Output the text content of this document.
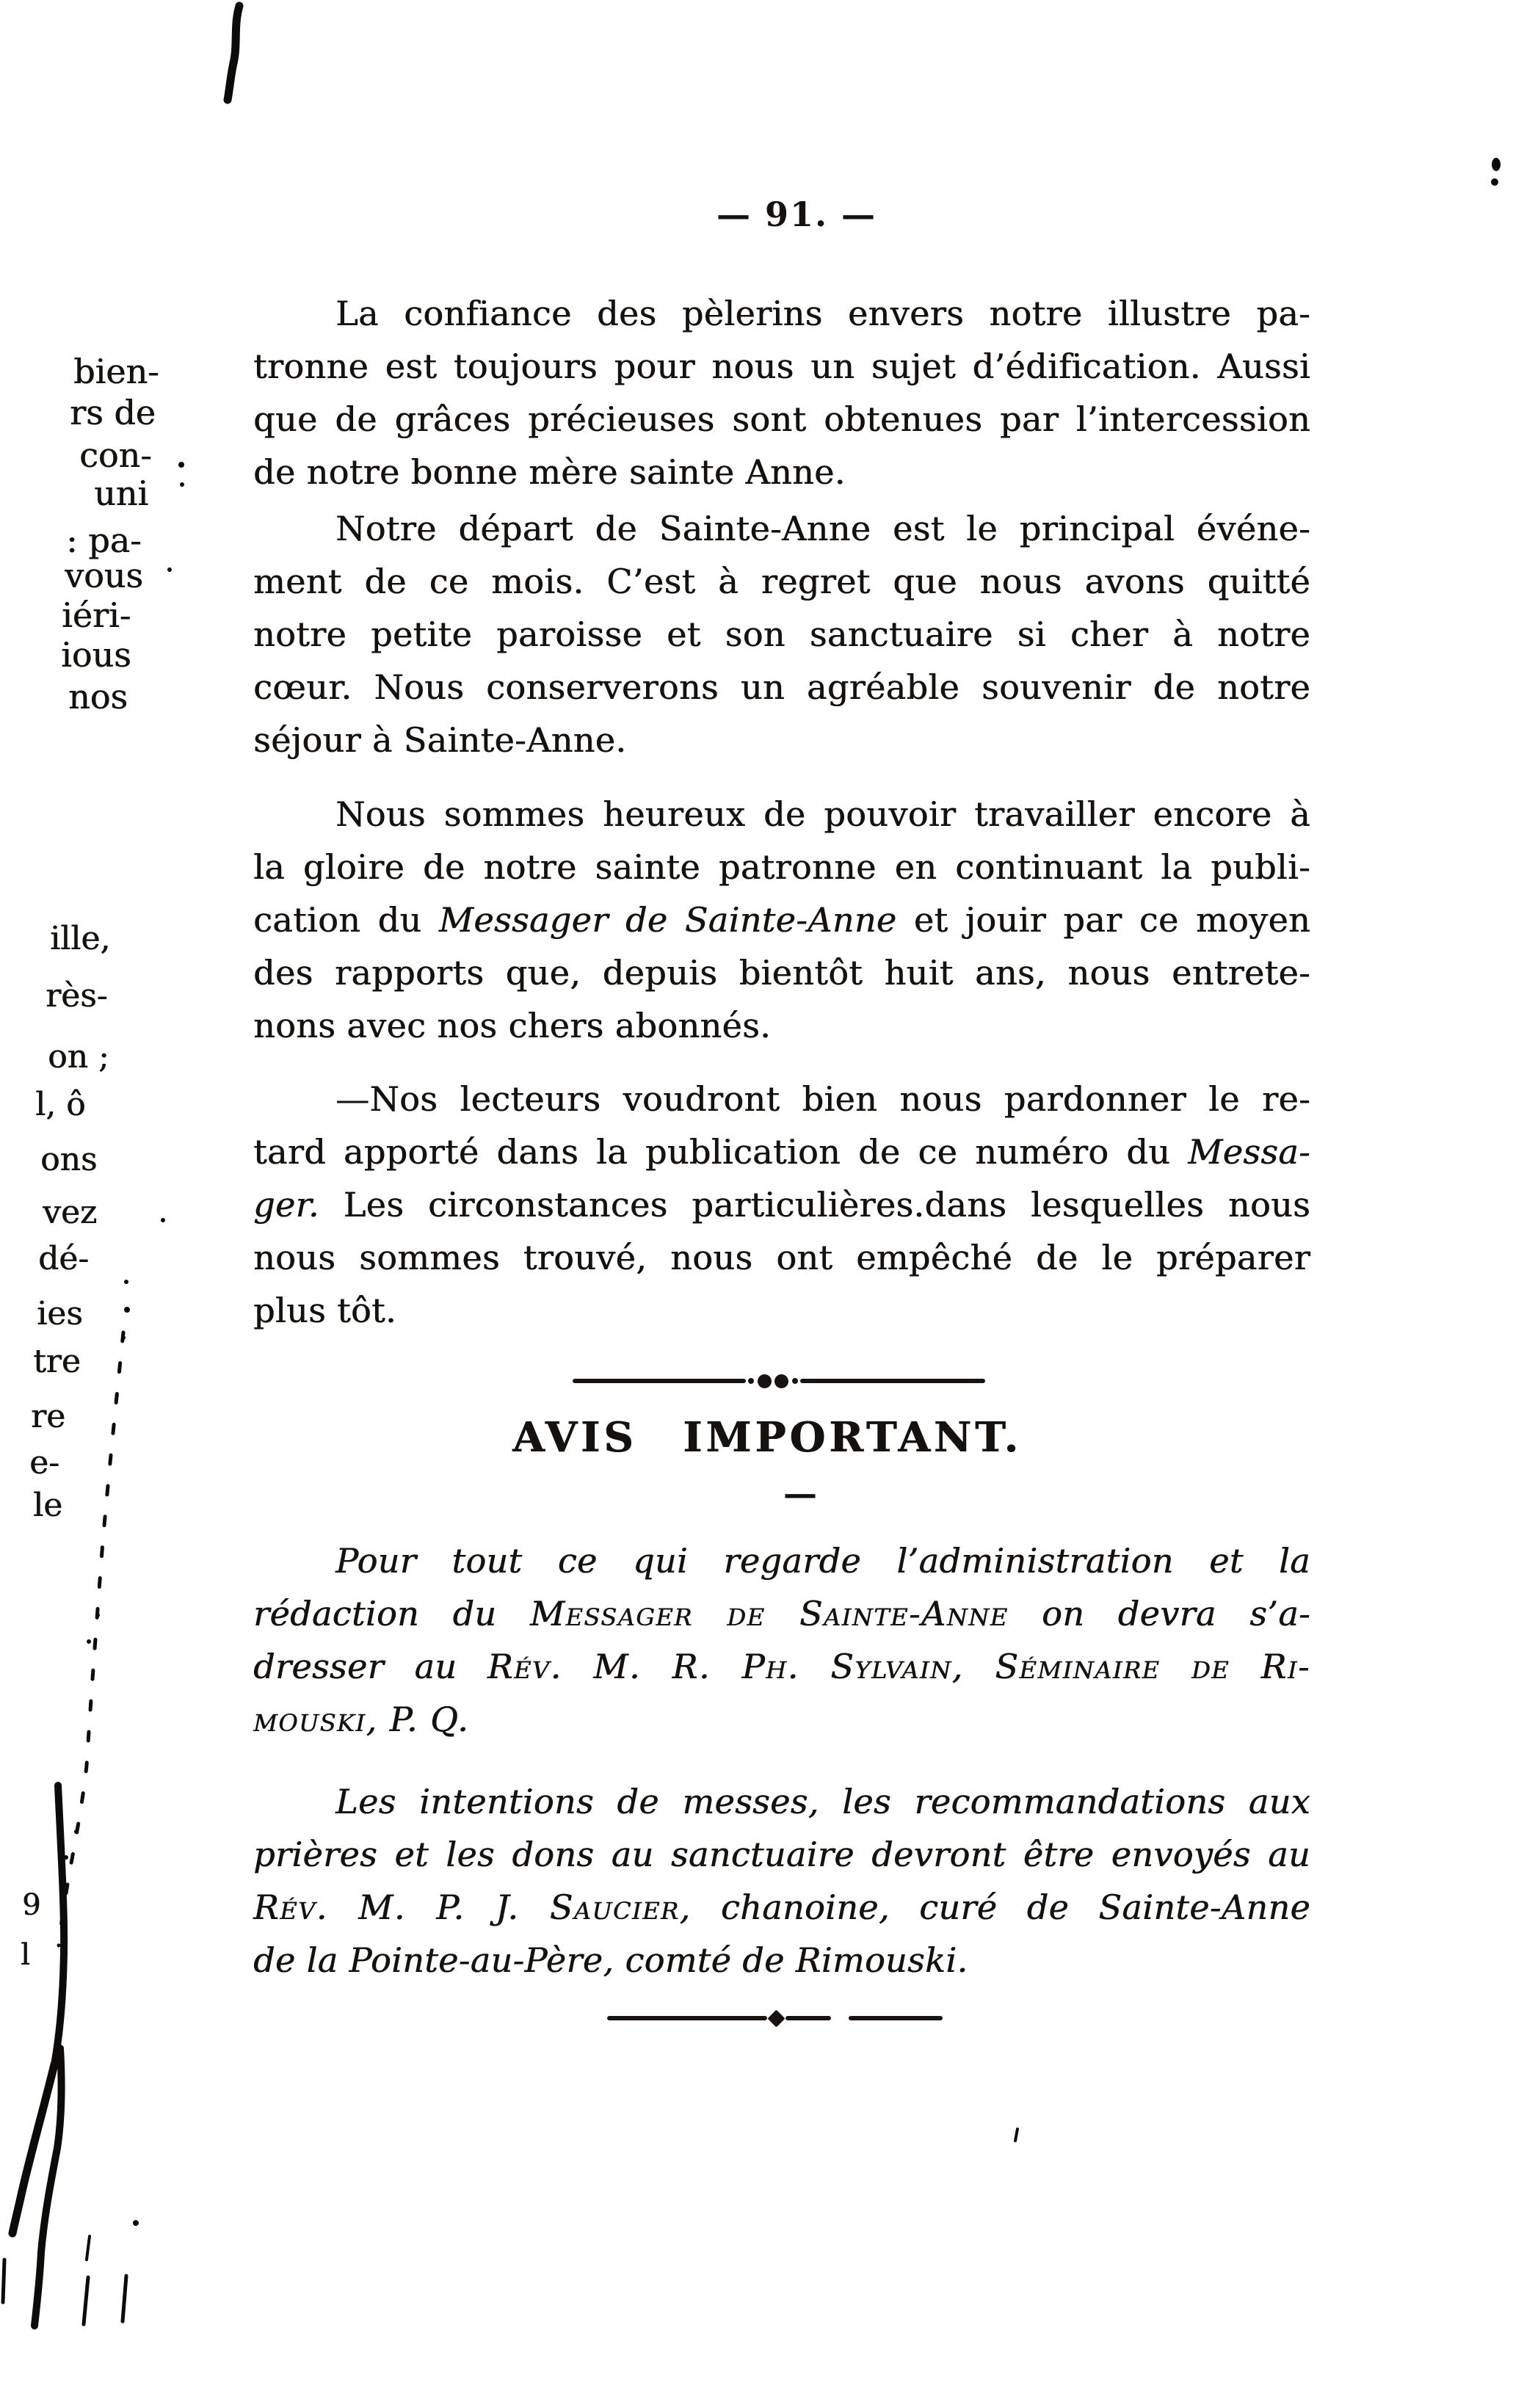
— 91. —
La confiance des pèlerins envers notre illustre pa-
tronne est toujours pour nous un sujet d’édification. Aussi
que de grâces précieuses sont obtenues par l’intercession
de notre bonne mère sainte Anne.
Notre départ de Sainte-Anne est le principal événe-
ment de ce mois. C’est à regret que nous avons quitté
notre petite paroisse et son sanctuaire si cher à notre
cœur. Nous conserverons un agréable souvenir de notre
séjour à Sainte-Anne.
Nous sommes heureux de pouvoir travailler encore à
la gloire de notre sainte patronne en continuant la publi-
cation du Messager de Sainte-Anne et jouir par ce moyen
des rapports que, depuis bientôt huit ans, nous entrete-
nons avec nos chers abonnés.
—Nos lecteurs voudront bien nous pardonner le re-
tard apporté dans la publication de ce numéro du Messa-
ger. Les circonstances particulières.dans lesquelles nous
nous sommes trouvé, nous ont empêché de le préparer
plus tôt.
AVIS IMPORTANT.
—
Pour tout ce qui regarde l’administration et la
rédaction du Messager de Sainte-Anne on devra s’a-
dresser au Rév. M. R. Ph. Sylvain, Séminaire de Ri-
mouski, P. Q.
Les intentions de messes, les recommandations aux
prières et les dons au sanctuaire devront être envoyés au
Rév. M. P. J. Saucier, chanoine, curé de Sainte-Anne
de la Pointe-au-Père, comté de Rimouski.
bien-
rs de
con-
uni
: pa-
vous
iéri-
ious
nos
ille,
rès-
on ;
l, ô
ons
vez
dé-
ies
tre
re
e-
le
9
l
